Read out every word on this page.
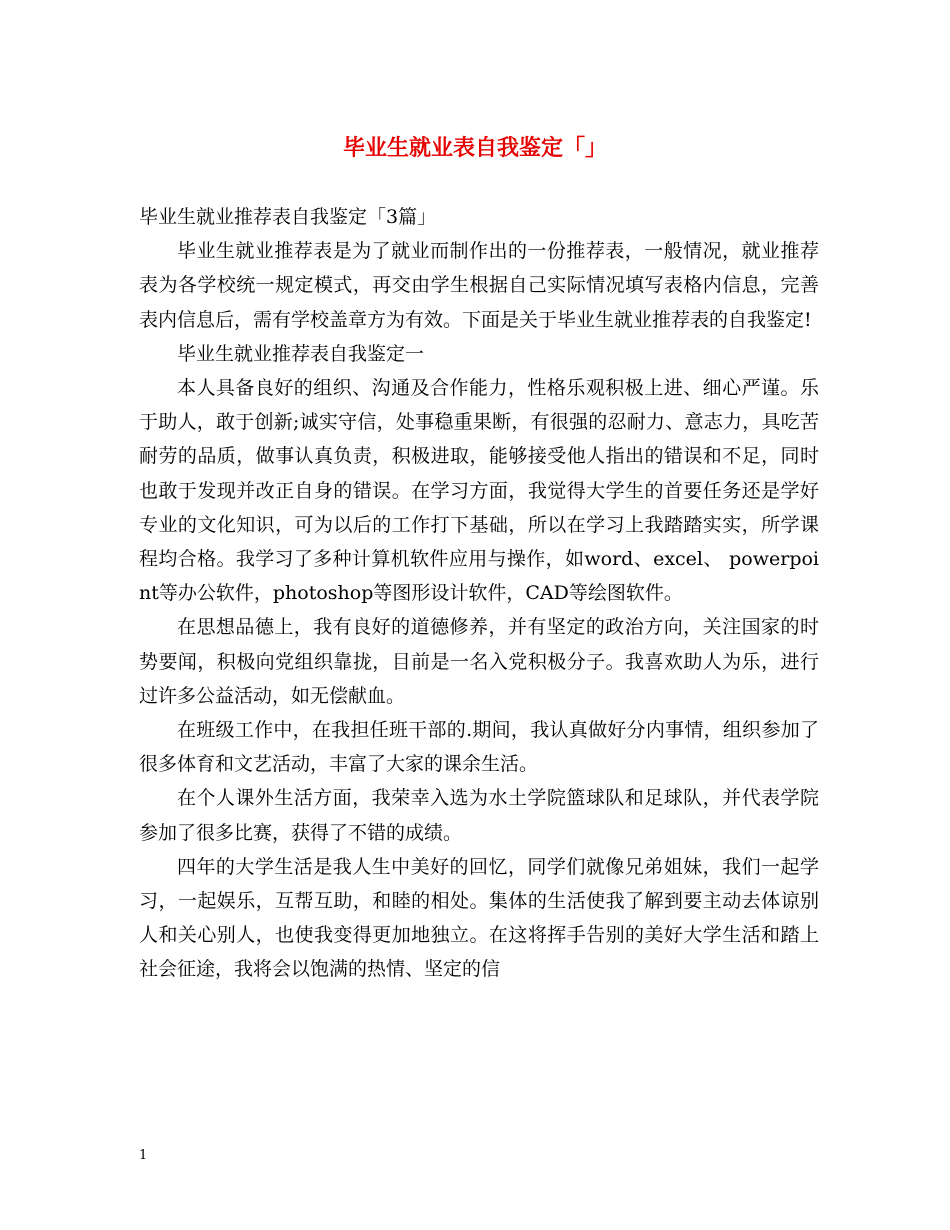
毕业生就业表自我鉴定「」

毕业生就业推荐表自我鉴定「3篇」

毕业生就业推荐表是为了就业而制作出的一份推荐表，一般情况，就业推荐表为各学校统一规定模式，再交由学生根据自己实际情况填写表格内信息，完善表内信息后，需有学校盖章方为有效。下面是关于毕业生就业推荐表的自我鉴定!

毕业生就业推荐表自我鉴定一

本人具备良好的组织、沟通及合作能力，性格乐观积极上进、细心严谨。乐于助人，敢于创新;诚实守信，处事稳重果断，有很强的忍耐力、意志力，具吃苦耐劳的品质，做事认真负责，积极进取，能够接受他人指出的错误和不足，同时也敢于发现并改正自身的错误。在学习方面，我觉得大学生的首要任务还是学好专业的文化知识，可为以后的工作打下基础，所以在学习上我踏踏实实，所学课程均合格。我学习了多种计算机软件应用与操作，如word、excel、 powerpoint等办公软件，photoshop等图形设计软件，CAD等绘图软件。

在思想品德上，我有良好的道德修养，并有坚定的政治方向，关注国家的时势要闻，积极向党组织靠拢，目前是一名入党积极分子。我喜欢助人为乐，进行过许多公益活动，如无偿献血。

在班级工作中，在我担任班干部的.期间，我认真做好分内事情，组织参加了很多体育和文艺活动，丰富了大家的课余生活。

在个人课外生活方面，我荣幸入选为水土学院篮球队和足球队，并代表学院参加了很多比赛，获得了不错的成绩。

四年的大学生活是我人生中美好的回忆，同学们就像兄弟姐妹，我们一起学习，一起娱乐，互帮互助，和睦的相处。集体的生活使我了解到要主动去体谅别人和关心别人，也使我变得更加地独立。在这将挥手告别的美好大学生活和踏上社会征途，我将会以饱满的热情、坚定的信

1
